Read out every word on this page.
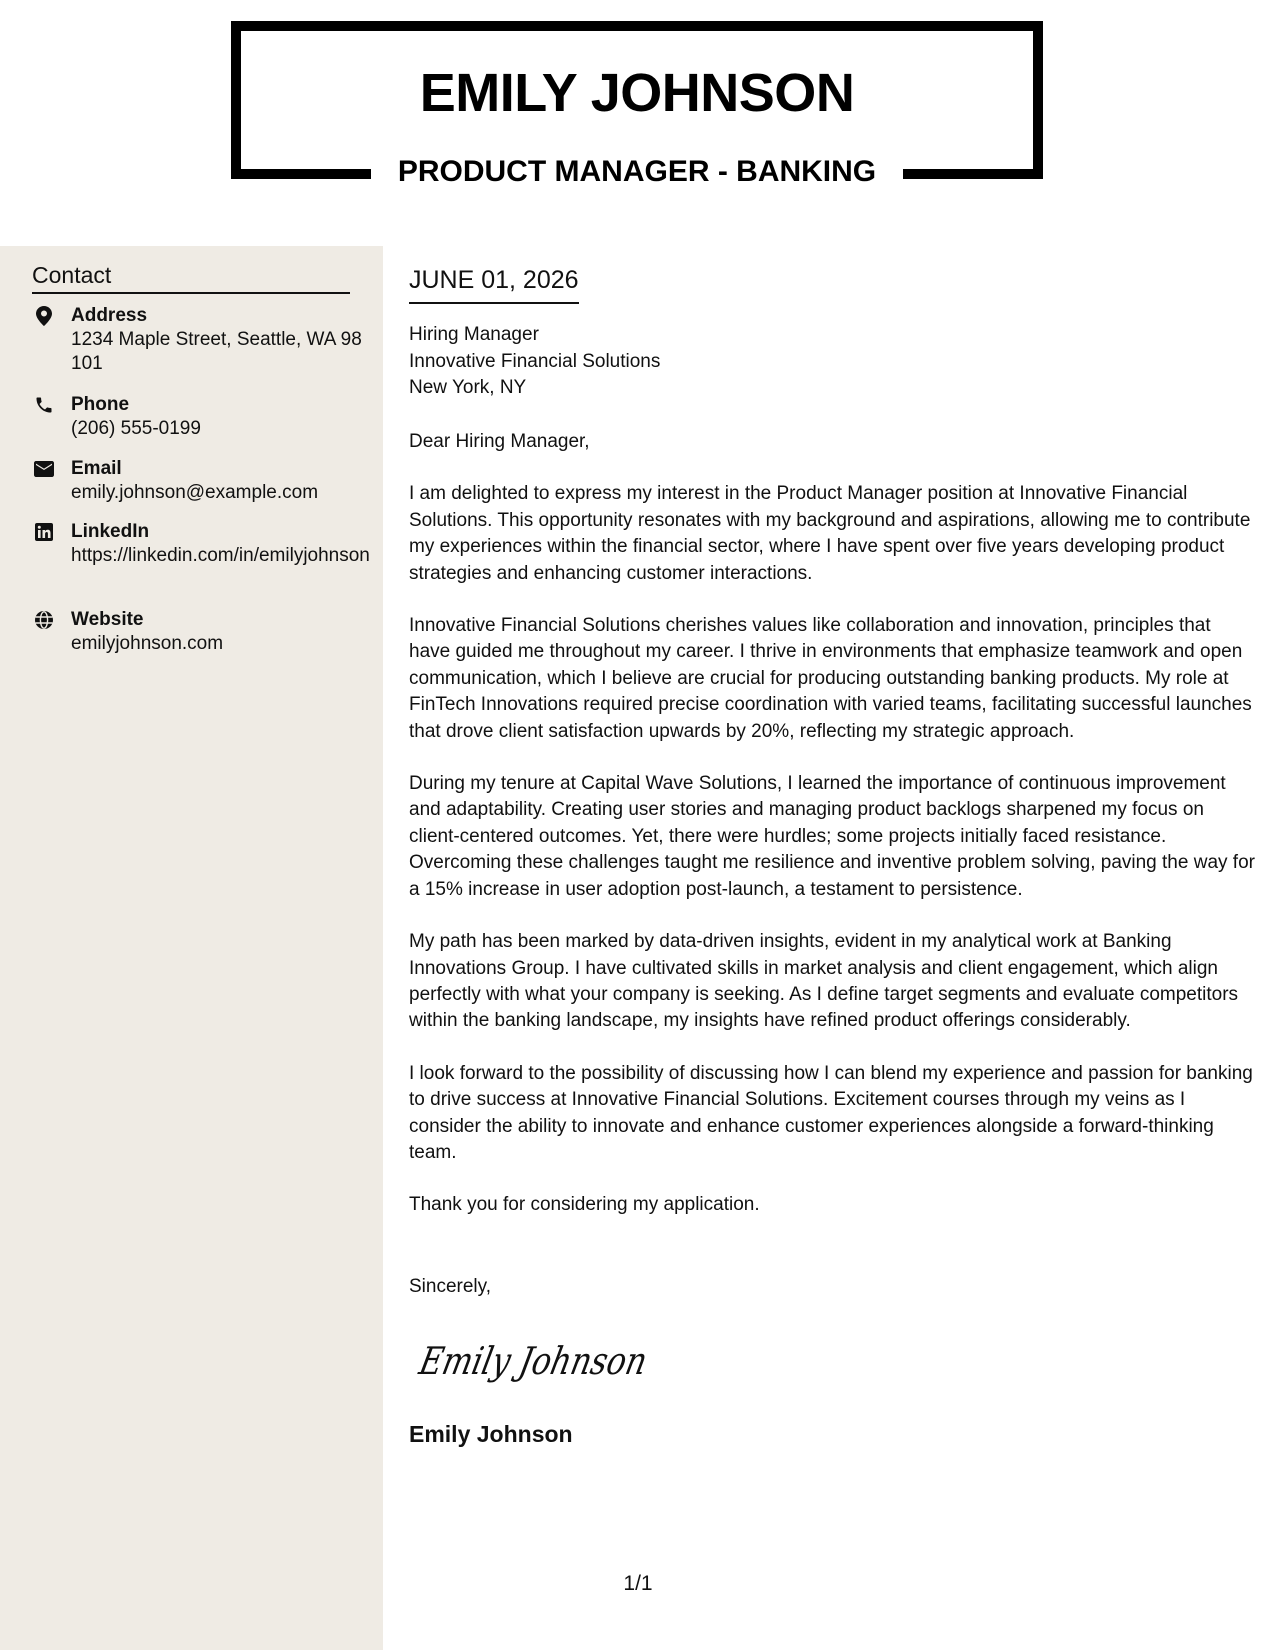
EMILY JOHNSON
PRODUCT MANAGER - BANKING
Contact
Address
1234 Maple Street, Seattle, WA 98101
Phone
(206) 555-0199
Email
emily.johnson@example.com
LinkedIn
https://linkedin.com/in/emilyjohnson
Website
emilyjohnson.com
JUNE 01, 2026
Hiring Manager
Innovative Financial Solutions
New York, NY

Dear Hiring Manager,

I am delighted to express my interest in the Product Manager position at Innovative Financial Solutions. This opportunity resonates with my background and aspirations, allowing me to contribute my experiences within the financial sector, where I have spent over five years developing product strategies and enhancing customer interactions.

Innovative Financial Solutions cherishes values like collaboration and innovation, principles that have guided me throughout my career. I thrive in environments that emphasize teamwork and open communication, which I believe are crucial for producing outstanding banking products. My role at FinTech Innovations required precise coordination with varied teams, facilitating successful launches that drove client satisfaction upwards by 20%, reflecting my strategic approach.

During my tenure at Capital Wave Solutions, I learned the importance of continuous improvement and adaptability. Creating user stories and managing product backlogs sharpened my focus on client-centered outcomes. Yet, there were hurdles; some projects initially faced resistance. Overcoming these challenges taught me resilience and inventive problem solving, paving the way for a 15% increase in user adoption post-launch, a testament to persistence.

My path has been marked by data-driven insights, evident in my analytical work at Banking Innovations Group. I have cultivated skills in market analysis and client engagement, which align perfectly with what your company is seeking. As I define target segments and evaluate competitors within the banking landscape, my insights have refined product offerings considerably.

I look forward to the possibility of discussing how I can blend my experience and passion for banking to drive success at Innovative Financial Solutions. Excitement courses through my veins as I consider the ability to innovate and enhance customer experiences alongside a forward-thinking team.

Thank you for considering my application.

Sincerely,
Emily Johnson
Emily Johnson
1/1
